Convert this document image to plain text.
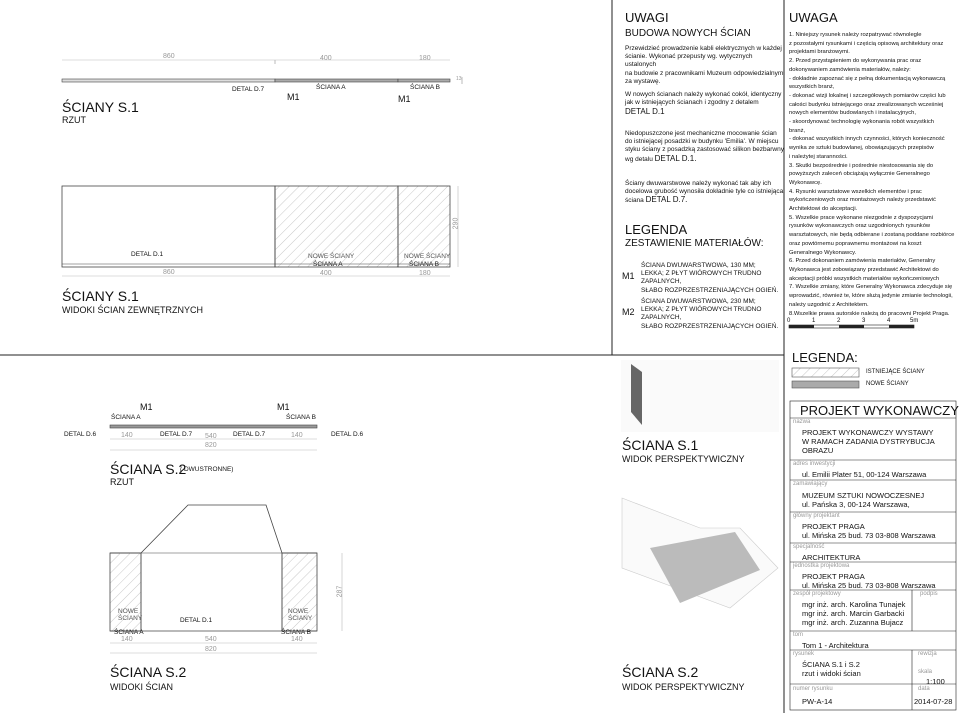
860	400	180
13
DETAL D.7
M1
ŚCIANA A
M1
ŚCIANA B
ŚCIANY S.1
RZUT
290
DETAL D.1	NOWE ŚCIANY
ŚCIANA A
NOWE ŚCIANY
ŚCIANA B
860	400	180
ŚCIANY S.1
WIDOKI ŚCIAN ZEWNĘTRZNYCH
UWAGI
BUDOWA NOWYCH ŚCIAN
Przewidzieć prowadzenie kabli elektrycznych w każdej
ścianie. Wykonać przepusty wg. wytycznych ustalonych
na budowie z pracownikami Muzeum odpowiedzialnymi
za wystawę.
W nowych ścianach należy wykonać cokół, identyczny
jak w istniejących ścianach i zgodny z detalem
DETAL D.1
Niedopuszczone jest mechaniczne mocowanie ścian
do istniejącej posadzki w budynku 'Emilia'. W miejscu
styku ściany z posadzką zastosować silikon bezbarwny
wg detalu DETAL D.1.
Ściany dwuwarstwowe należy wykonać tak aby ich
docelowa grubość wynosiła dokładnie tyle co istniejąca
ściana DETAL D.7.
LEGENDA
ZESTAWIENIE MATERIAŁÓW:
M1
ŚCIANA DWUWARSTWOWA, 130 MM;
LEKKA; Z PŁYT WIÓROWYCH TRUDNO ZAPALNYCH,
SŁABO ROZPRZESTRZENIAJĄCYCH OGIEŃ.
M2
ŚCIANA DWUWARSTWOWA, 230 MM;
LEKKA; Z PŁYT WIÓROWYCH TRUDNO ZAPALNYCH,
SŁABO ROZPRZESTRZENIAJĄCYCH OGIEŃ.
UWAGA
1. Niniejszy rysunek należy rozpatrywać równolegle
z pozostałymi rysunkami i częścią opisową architektury oraz
projektami branżowymi.
2. Przed przystąpieniem do wykonywania prac oraz
dokonywaniem zamówienia materiałów, należy:
- dokładnie zapoznać się z pełną dokumentacją wykonawczą
wszystkich branż,
- dokonać wizji lokalnej i szczegółowych pomiarów części lub
całości budynku istniejącego oraz zrealizowanych wcześniej
nowych elementów budowlanych i instalacyjnych,
- skoordynować technologię wykonania robót wszystkich
branż,
- dokonać wszystkich innych czynności, których konieczność
wynika ze sztuki budowlanej, obowiązujących przepisów
i należytej staranności.
3. Skutki bezpośrednie i pośrednie niestosowania się do
powyższych zaleceń obciążają wyłącznie Generalnego
Wykonawcę.
4. Rysunki warsztatowe wszelkich elementów i prac
wykończeniowych oraz montażowych należy przedstawić
Architektowi do akceptacji.
5. Wszelkie prace wykonane niezgodnie z dyspozycjami
rysunków wykonawczych oraz uzgodnionych rysunków
warsztatowych, nie będą odbierane i zostaną poddane rozbiórce
oraz powtórnemu poprawnemu montażowi na koszt
Generalnego Wykonawcy.
6. Przed dokonaniem zamówienia materiałów, Generalny
Wykonawca jest zobowiązany przedstawić Architektowi do
akceptacji próbki wszystkich materiałów wykończeniowych
7. Wszelkie zmiany, które Generalny Wykonawca zdecyduje się
wprowadzić, również te, które służą jedynie zmianie technologii,
należy uzgodnić z Architektem.
8.Wszelkie prawa autorskie należą do pracowni Projekt Praga.
0	1	2	3	4	5m
LEGENDA:
ISTNIEJĄCE ŚCIANY
NOWE ŚCIANY
M1
ŚCIANA A
M1
ŚCIANA B
DETAL D.6	DETAL D.7	DETAL D.7	DETAL D.6
140	540	140
820
ŚCIANA S.2
( DWUSTRONNE)
RZUT
NOWE
ŚCIANY
NOWE
ŚCIANY
DETAL D.1
ŚCIANA A	ŚCIANA B
140	540	140
820
287
ŚCIANA S.2
WIDOKI ŚCIAN
ŚCIANA S.1
WIDOK PERSPEKTYWICZNY
ŚCIANA S.2
WIDOK PERSPEKTYWICZNY
PROJEKT WYKONAWCZY
nazwa
PROJEKT WYKONAWCZY WYSTAWY
W RAMACH ZADANIA DYSTRYBUCJA
OBRAZU
adres inwestycji
ul. Emilii Plater 51, 00-124 Warszawa
zamawiający
MUZEUM SZTUKI NOWOCZESNEJ
ul. Pańska 3, 00-124 Warszawa,
główny projektant
PROJEKT PRAGA
ul. Mińska 25 bud. 73 03-808 Warszawa
specjalność
ARCHITEKTURA
jednostka projektowa
PROJEKT PRAGA
ul. Mińska 25 bud. 73 03-808 Warszawa
zespół projektowy	podpis
mgr inż. arch. Karolina Tunajek
mgr inż. arch. Marcin Garbacki
mgr inż. arch. Zuzanna Bujacz
tom
Tom 1 - Architektura
rysunek	rewizja
ŚCIANA S.1 i S.2
rzut i widoki ścian	skala
1:100
numer rysunku	data
PW-A-14	2014-07-28
